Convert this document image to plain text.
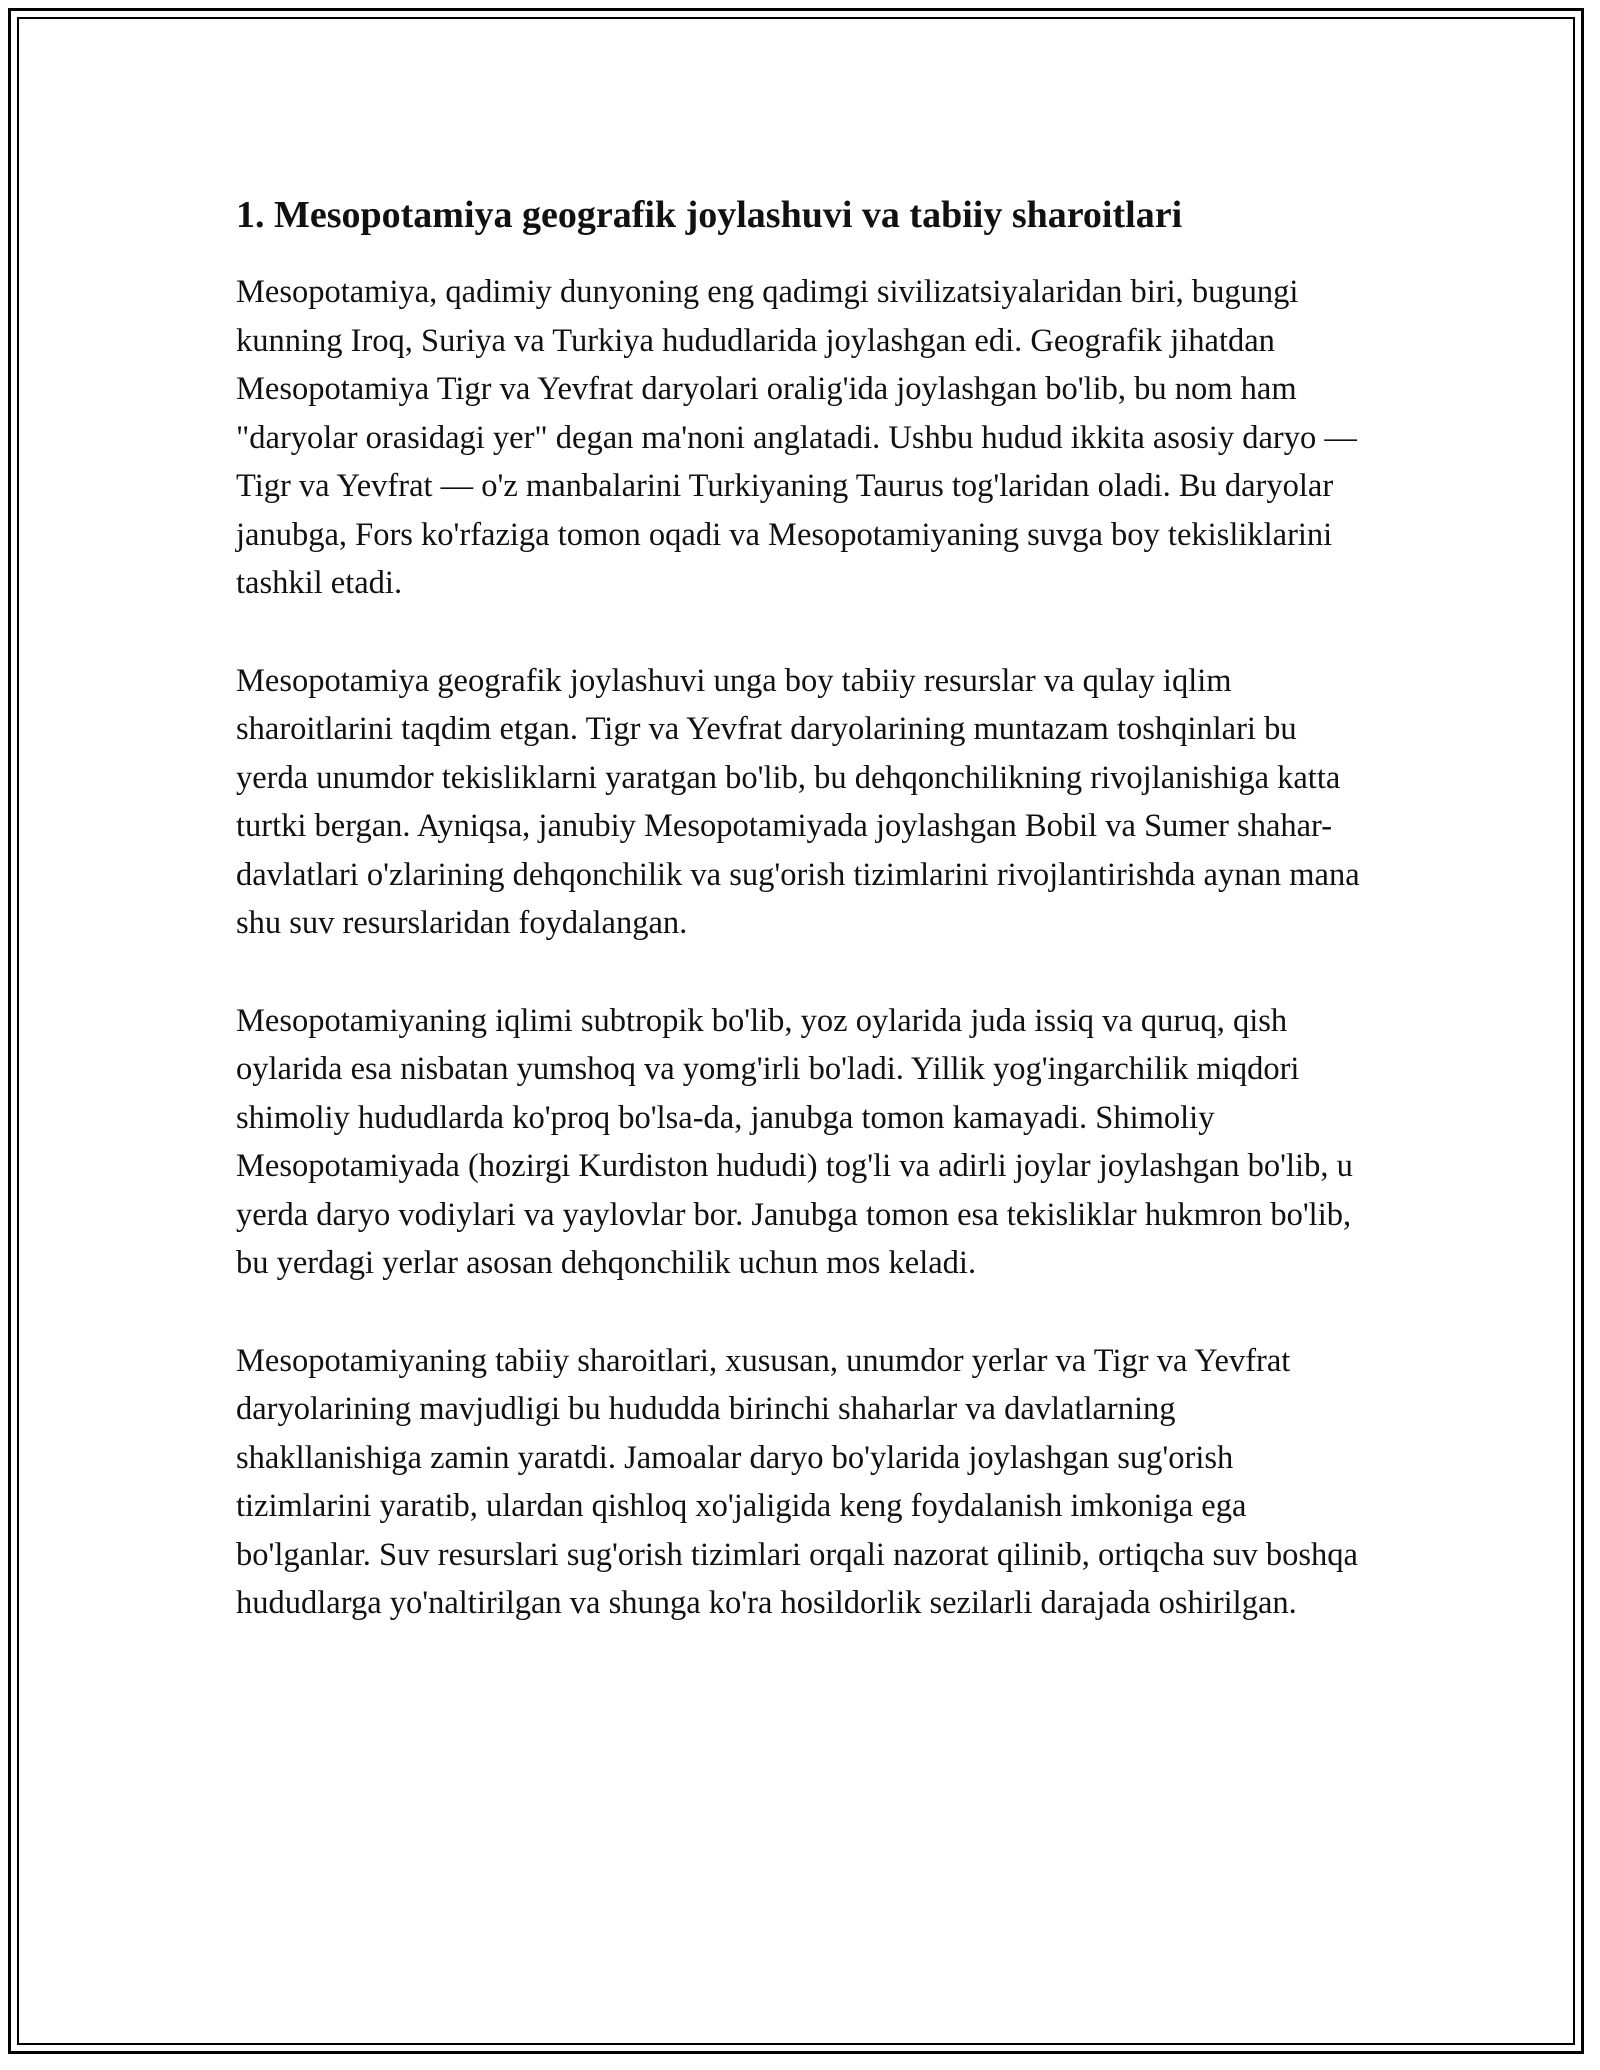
1. Mesopotamiya geografik joylashuvi va tabiiy sharoitlari

Mesopotamiya, qadimiy dunyoning eng qadimgi sivilizatsiyalaridan biri, bugungi kunning Iroq, Suriya va Turkiya hududlarida joylashgan edi. Geografik jihatdan Mesopotamiya Tigr va Yevfrat daryolari oralig'ida joylashgan bo'lib, bu nom ham "daryolar orasidagi yer" degan ma'noni anglatadi. Ushbu hudud ikkita asosiy daryo — Tigr va Yevfrat — o'z manbalarini Turkiyaning Taurus tog'laridan oladi. Bu daryolar janubga, Fors ko'rfaziga tomon oqadi va Mesopotamiyaning suvga boy tekisliklarini tashkil etadi.

Mesopotamiya geografik joylashuvi unga boy tabiiy resurslar va qulay iqlim sharoitlarini taqdim etgan. Tigr va Yevfrat daryolarining muntazam toshqinlari bu yerda unumdor tekisliklarni yaratgan bo'lib, bu dehqonchilikning rivojlanishiga katta turtki bergan. Ayniqsa, janubiy Mesopotamiyada joylashgan Bobil va Sumer shahar-davlatlari o'zlarining dehqonchilik va sug'orish tizimlarini rivojlantirishda aynan mana shu suv resurslaridan foydalangan.

Mesopotamiyaning iqlimi subtropik bo'lib, yoz oylarida juda issiq va quruq, qish oylarida esa nisbatan yumshoq va yomg'irli bo'ladi. Yillik yog'ingarchilik miqdori shimoliy hududlarda ko'proq bo'lsa-da, janubga tomon kamayadi. Shimoliy Mesopotamiyada (hozirgi Kurdiston hududi) tog'li va adirli joylar joylashgan bo'lib, u yerda daryo vodiylari va yaylovlar bor. Janubga tomon esa tekisliklar hukmron bo'lib, bu yerdagi yerlar asosan dehqonchilik uchun mos keladi.

Mesopotamiyaning tabiiy sharoitlari, xususan, unumdor yerlar va Tigr va Yevfrat daryolarining mavjudligi bu hududda birinchi shaharlar va davlatlarning shakllanishiga zamin yaratdi. Jamoalar daryo bo'ylarida joylashgan sug'orish tizimlarini yaratib, ulardan qishloq xo'jaligida keng foydalanish imkoniga ega bo'lganlar. Suv resurslari sug'orish tizimlari orqali nazorat qilinib, ortiqcha suv boshqa hududlarga yo'naltirilgan va shunga ko'ra hosildorlik sezilarli darajada oshirilgan.
